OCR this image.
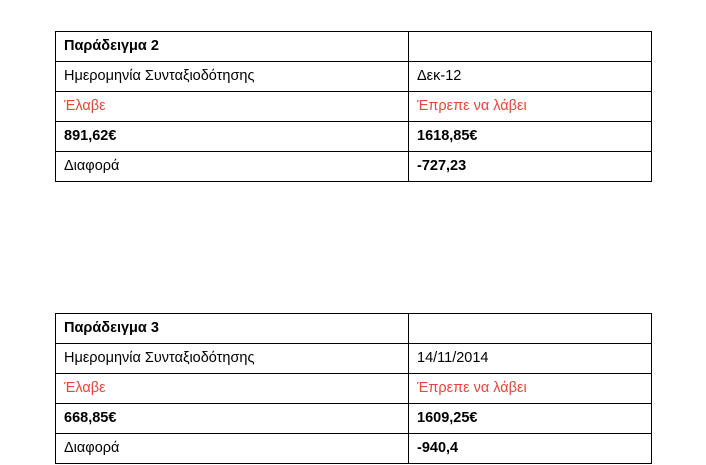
Παράδειγμα 2	
Ημερομηνία Συνταξιοδότησης	Δεκ-12
Έλαβε	Έπρεπε να λάβει
891,62€	1618,85€
Διαφορά	-727,23
Παράδειγμα 3	
Ημερομηνία Συνταξιοδότησης	14/11/2014
Έλαβε	Έπρεπε να λάβει
668,85€	1609,25€
Διαφορά	-940,4
